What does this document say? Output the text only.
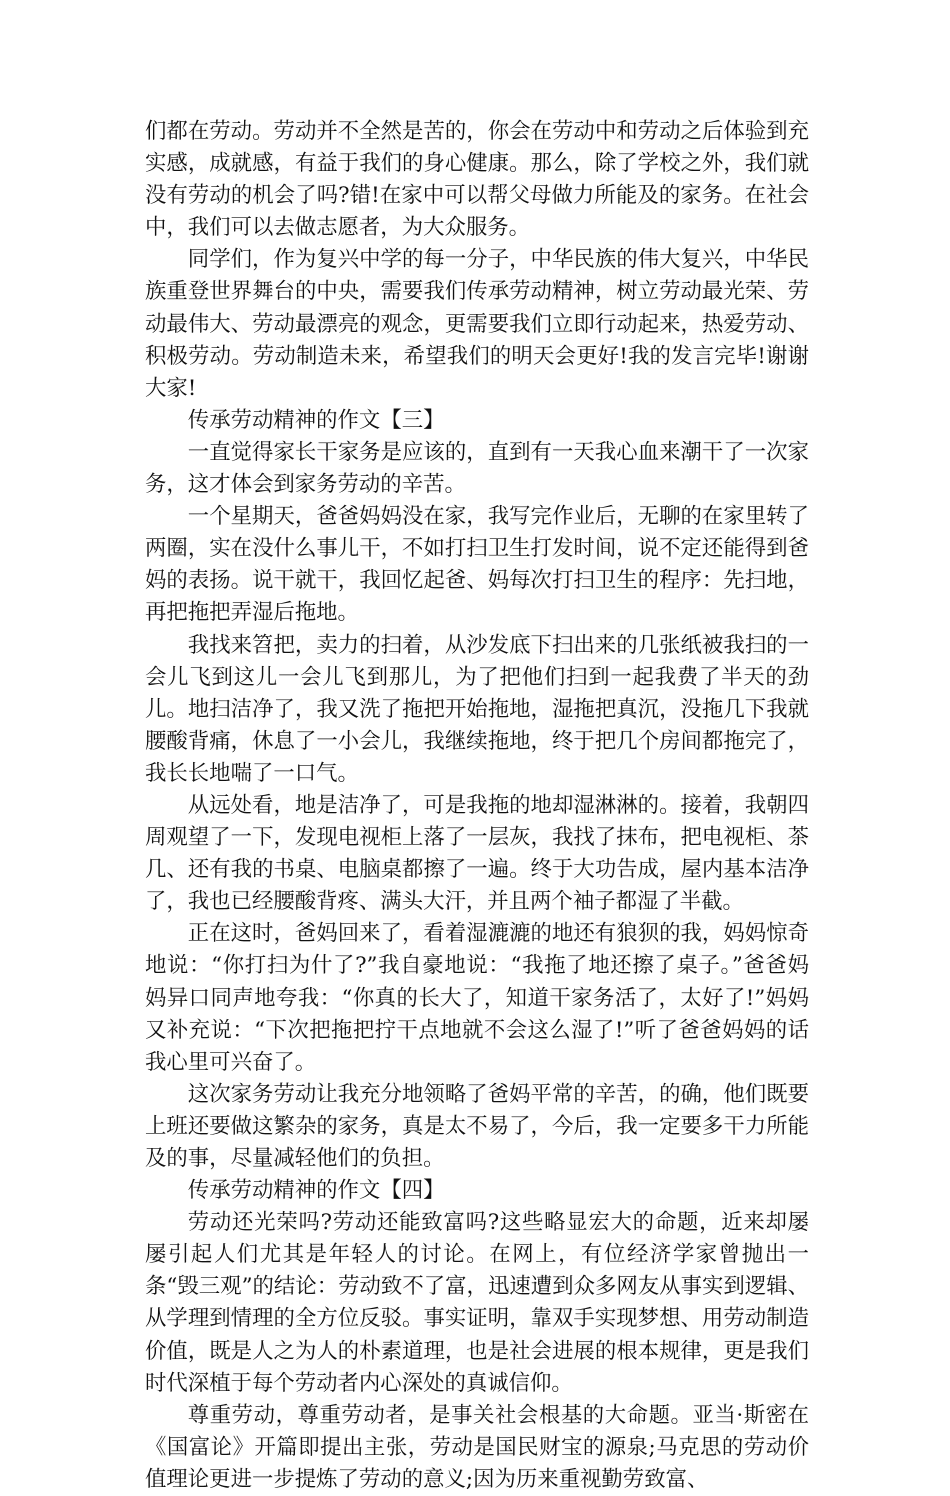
们都在劳动。劳动并不全然是苦的，你会在劳动中和劳动之后体验到充实感，成就感，有益于我们的身心健康。那么，除了学校之外，我们就没有劳动的机会了吗?错!在家中可以帮父母做力所能及的家务。在社会中，我们可以去做志愿者，为大众服务。

同学们，作为复兴中学的每一分子，中华民族的伟大复兴，中华民族重登世界舞台的中央，需要我们传承劳动精神，树立劳动最光荣、劳动最伟大、劳动最漂亮的观念，更需要我们立即行动起来，热爱劳动、积极劳动。劳动制造未来，希望我们的明天会更好!我的发言完毕!谢谢大家!

传承劳动精神的作文【三】

一直觉得家长干家务是应该的，直到有一天我心血来潮干了一次家务，这才体会到家务劳动的辛苦。

一个星期天，爸爸妈妈没在家，我写完作业后，无聊的在家里转了两圈，实在没什么事儿干，不如打扫卫生打发时间，说不定还能得到爸妈的表扬。说干就干，我回忆起爸、妈每次打扫卫生的程序：先扫地，再把拖把弄湿后拖地。

我找来笤把，卖力的扫着，从沙发底下扫出来的几张纸被我扫的一会儿飞到这儿一会儿飞到那儿，为了把他们扫到一起我费了半天的劲儿。地扫洁净了，我又洗了拖把开始拖地，湿拖把真沉，没拖几下我就腰酸背痛，休息了一小会儿，我继续拖地，终于把几个房间都拖完了，我长长地喘了一口气。

从远处看，地是洁净了，可是我拖的地却湿淋淋的。接着，我朝四周观望了一下，发现电视柜上落了一层灰，我找了抹布，把电视柜、茶几、还有我的书桌、电脑桌都擦了一遍。终于大功告成，屋内基本洁净了，我也已经腰酸背疼、满头大汗，并且两个袖子都湿了半截。

正在这时，爸妈回来了，看着湿漉漉的地还有狼狈的我，妈妈惊奇地说：“你打扫为什了?”我自豪地说：“我拖了地还擦了桌子。”爸爸妈妈异口同声地夸我：“你真的长大了，知道干家务活了，太好了!”妈妈又补充说：“下次把拖把拧干点地就不会这么湿了!”听了爸爸妈妈的话我心里可兴奋了。

这次家务劳动让我充分地领略了爸妈平常的辛苦，的确，他们既要上班还要做这繁杂的家务，真是太不易了，今后，我一定要多干力所能及的事，尽量减轻他们的负担。

传承劳动精神的作文【四】

劳动还光荣吗?劳动还能致富吗?这些略显宏大的命题，近来却屡屡引起人们尤其是年轻人的讨论。在网上，有位经济学家曾抛出一条“毁三观”的结论：劳动致不了富，迅速遭到众多网友从事实到逻辑、从学理到情理的全方位反驳。事实证明，靠双手实现梦想、用劳动制造价值，既是人之为人的朴素道理，也是社会进展的根本规律，更是我们时代深植于每个劳动者内心深处的真诚信仰。

尊重劳动，尊重劳动者，是事关社会根基的大命题。亚当·斯密在《国富论》开篇即提出主张，劳动是国民财宝的源泉;马克思的劳动价值理论更进一步提炼了劳动的意义;因为历来重视勤劳致富、
